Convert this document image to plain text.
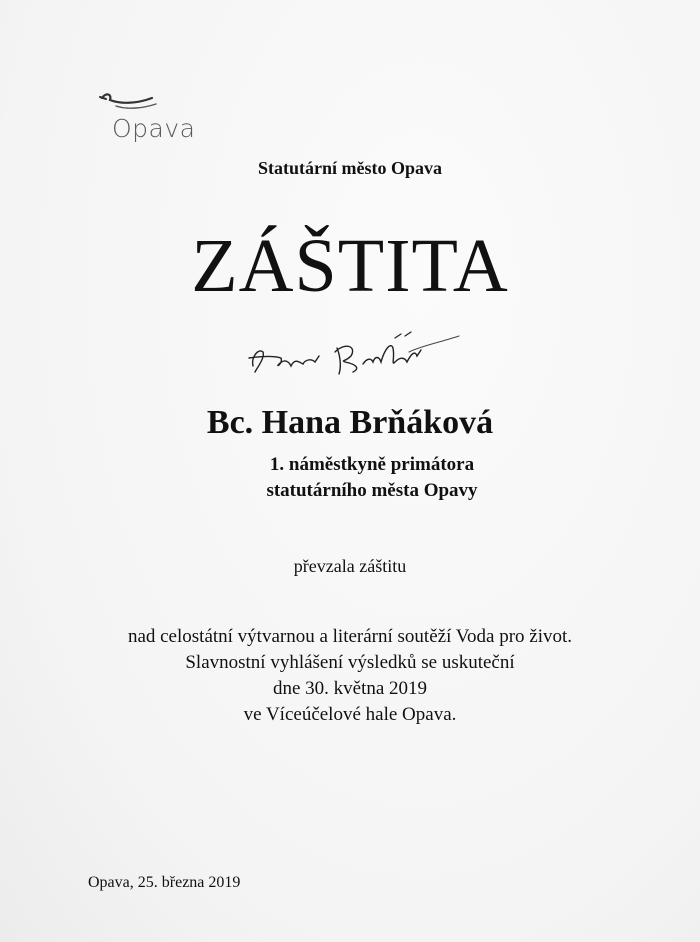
Opava
Statutární město Opava
ZÁŠTITA
Bc. Hana Brňáková
1. náměstkyně primátora
statutárního města Opavy
převzala záštitu
nad celostátní výtvarnou a literární soutěží Voda pro život.
Slavnostní vyhlášení výsledků se uskuteční
dne 30. května 2019
ve Víceúčelové hale Opava.
Opava, 25. března 2019
